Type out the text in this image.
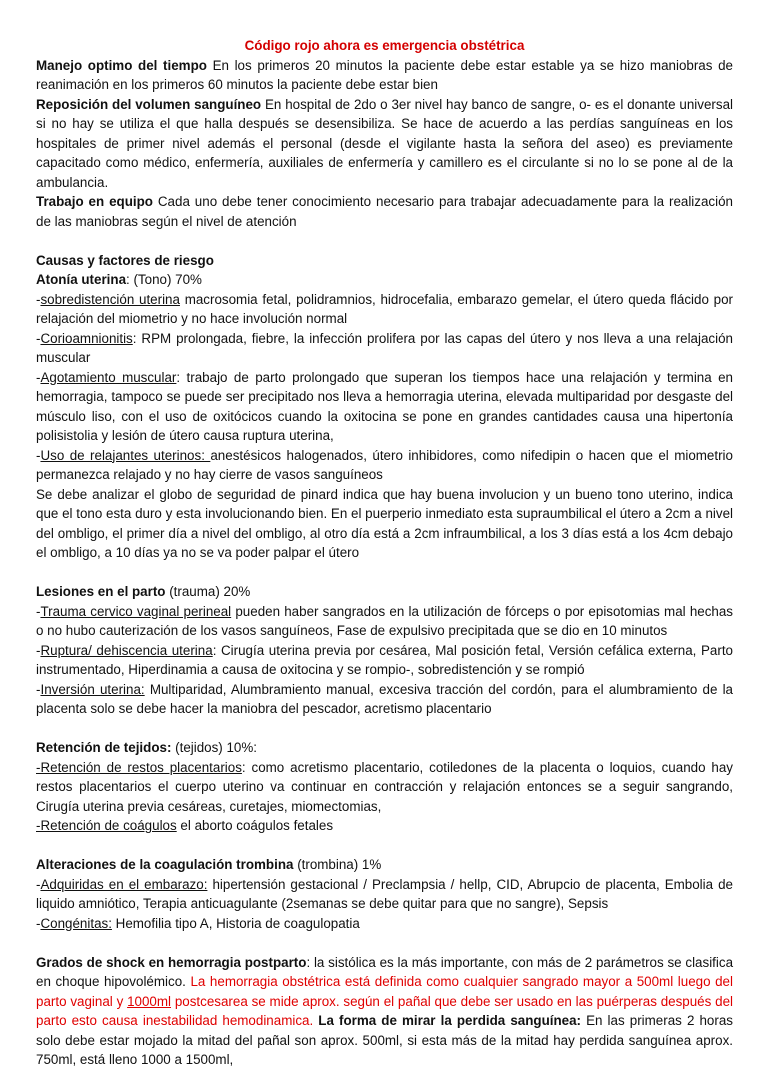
Código rojo ahora es emergencia obstétrica

Manejo optimo del tiempo En los primeros 20 minutos la paciente debe estar estable ya se hizo maniobras de reanimación en los primeros 60 minutos la paciente debe estar bien

Reposición del volumen sanguíneo En hospital de 2do o 3er nivel hay banco de sangre, o- es el donante universal si no hay se utiliza el que halla después se desensibiliza. Se hace de acuerdo a las perdías sanguíneas en los hospitales de primer nivel además el personal (desde el vigilante hasta la señora del aseo) es previamente capacitado como médico, enfermería, auxiliales de enfermería y camillero es el circulante si no lo se pone al de la ambulancia.

Trabajo en equipo Cada uno debe tener conocimiento necesario para trabajar adecuadamente para la realización de las maniobras según el nivel de atención

Causas y factores de riesgo

Atonía uterina: (Tono) 70%

-sobredistención uterina macrosomia fetal, polidramnios, hidrocefalia, embarazo gemelar, el útero queda flácido por relajación del miometrio y no hace involución normal

-Corioamnionitis: RPM prolongada, fiebre, la infección prolifera por las capas del útero y nos lleva a una relajación muscular

-Agotamiento muscular: trabajo de parto prolongado que superan los tiempos hace una relajación y termina en hemorragia, tampoco se puede ser precipitado nos lleva a hemorragia uterina, elevada multiparidad por desgaste del músculo liso, con el uso de oxitócicos cuando la oxitocina se pone en grandes cantidades causa una hipertonía polisistolia y lesión de útero causa ruptura uterina,

-Uso de relajantes uterinos: anestésicos halogenados, útero inhibidores, como nifedipin o hacen que el miometrio permanezca relajado y no hay cierre de vasos sanguíneos

Se debe analizar el globo de seguridad de pinard indica que hay buena involucion y un bueno tono uterino, indica que el tono esta duro y esta involucionando bien. En el puerperio inmediato esta supraumbilical el útero a 2cm a nivel del ombligo, el primer día a nivel del ombligo, al otro día está a 2cm infraumbilical, a los 3 días está a los 4cm debajo el ombligo, a 10 días ya no se va poder palpar el útero

Lesiones en el parto (trauma) 20%

-Trauma cervico vaginal perineal pueden haber sangrados en la utilización de fórceps o por episotomias mal hechas o no hubo cauterización de los vasos sanguíneos, Fase de expulsivo precipitada que se dio en 10 minutos

-Ruptura/ dehiscencia uterina: Cirugía uterina previa por cesárea, Mal posición fetal, Versión cefálica externa, Parto instrumentado, Hiperdinamia a causa de oxitocina y se rompio-, sobredistención y se rompió

-Inversión uterina: Multiparidad, Alumbramiento manual, excesiva tracción del cordón, para el alumbramiento de la placenta solo se debe hacer la maniobra del pescador, acretismo placentario

Retención de tejidos: (tejidos) 10%:

-Retención de restos placentarios: como acretismo placentario, cotiledones de la placenta o loquios, cuando hay restos placentarios el cuerpo uterino va continuar en contracción y relajación entonces se a seguir sangrando, Cirugía uterina previa cesáreas, curetajes, miomectomias,

-Retención de coágulos el aborto coágulos fetales

Alteraciones de la coagulación trombina (trombina) 1%

-Adquiridas en el embarazo: hipertensión gestacional / Preclampsia / hellp, CID, Abrupcio de placenta, Embolia de liquido amniótico, Terapia anticuagulante (2semanas se debe quitar para que no sangre), Sepsis

-Congénitas: Hemofilia tipo A, Historia de coagulopatia

Grados de shock en hemorragia postparto: la sistólica es la más importante, con más de 2 parámetros se clasifica en choque hipovolémico. La hemorragia obstétrica está definida como cualquier sangrado mayor a 500ml luego del parto vaginal y 1000ml postcesarea se mide aprox. según el pañal que debe ser usado en las puérperas después del parto esto causa inestabilidad hemodinamica. La forma de mirar la perdida sanguínea: En las primeras 2 horas solo debe estar mojado la mitad del pañal son aprox. 500ml, si esta más de la mitad hay perdida sanguínea aprox. 750ml, está lleno 1000 a 1500ml,
